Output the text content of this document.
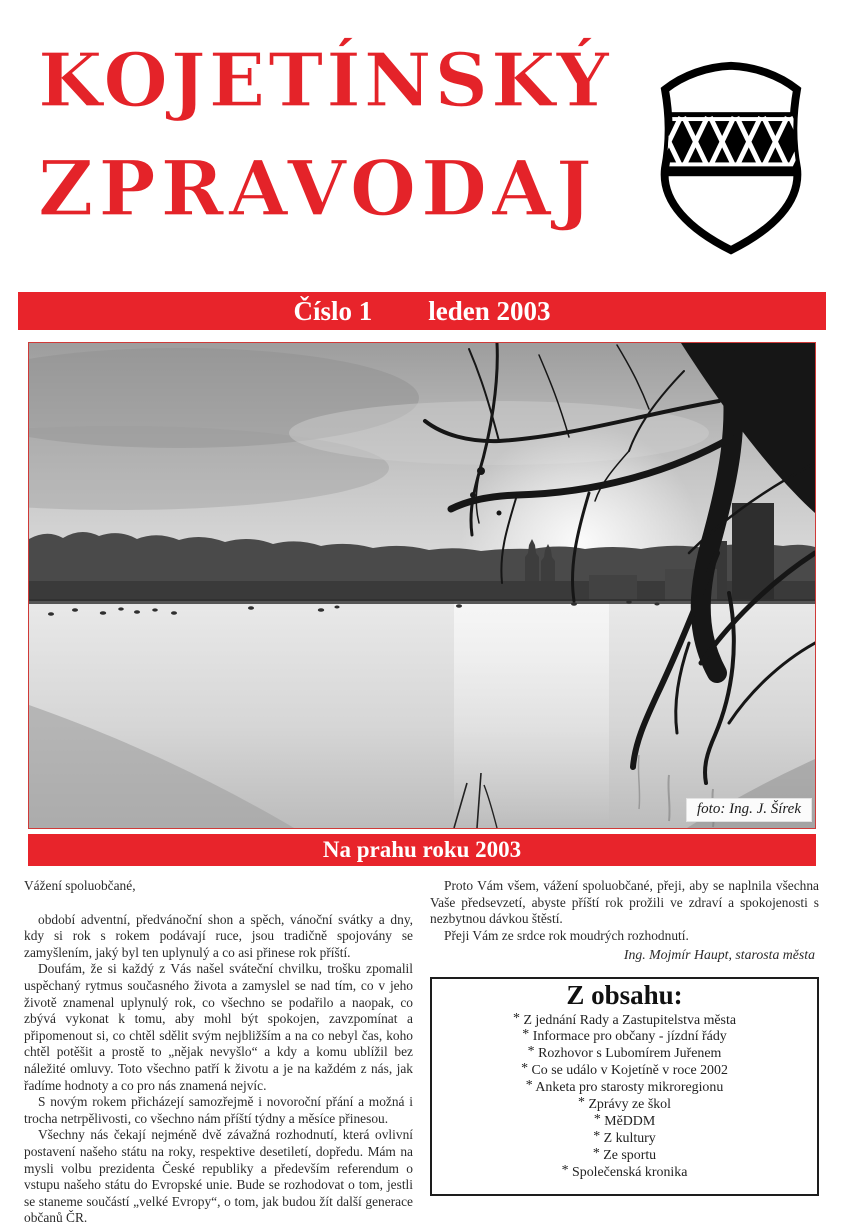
KOJETÍNSKÝ
ZPRAVODAJ
Číslo 1 leden 2003
foto: Ing. J. Šírek
Na prahu roku 2003

Vážení spoluobčané,

období adventní, předvánoční shon a spěch, vánoční svátky a dny, kdy si rok s rokem podávají ruce, jsou tradičně spojovány se zamyšlením, jaký byl ten uplynulý a co asi přinese rok příští.

Doufám, že si každý z Vás našel sváteční chvilku, trošku zpomalil uspěchaný rytmus současného života a zamyslel se nad tím, co v jeho životě znamenal uplynulý rok, co všechno se podařilo a naopak, co zbývá vykonat k tomu, aby mohl být spokojen, zavzpomínat a připomenout si, co chtěl sdělit svým nejbližším a na co nebyl čas, koho chtěl potěšit a prostě to „nějak nevyšlo“ a kdy a komu ublížil bez náležité omluvy. Toto všechno patří k životu a je na každém z nás, jak řadíme hodnoty a co pro nás znamená nejvíc.

S novým rokem přicházejí samozřejmě i novoroční přání a možná i trocha netrpělivosti, co všechno nám příští týdny a měsíce přinesou.

Všechny nás čekají nejméně dvě závažná rozhodnutí, která ovlivní postavení našeho státu na roky, respektive desetiletí, dopředu. Mám na mysli volbu prezidenta České republiky a především referendum o vstupu našeho státu do Evropské unie. Bude se rozhodovat o tom, jestli se staneme součástí „velké Evropy“, o tom, jak budou žít další generace občanů ČR.

Proto Vám všem, vážení spoluobčané, přeji, aby se naplnila všechna Vaše předsevzetí, abyste příští rok prožili ve zdraví a spokojenosti s nezbytnou dávkou štěstí.

Přeji Vám ze srdce rok moudrých rozhodnutí.

Ing. Mojmír Haupt, starosta města
Z obsahu:
* Z jednání Rady a Zastupitelstva města
* Informace pro občany - jízdní řády
* Rozhovor s Lubomírem Juřenem
* Co se událo v Kojetíně v roce 2002
* Anketa pro starosty mikroregionu
* Zprávy ze škol
* MěDDM
* Z kultury
* Ze sportu
* Společenská kronika
